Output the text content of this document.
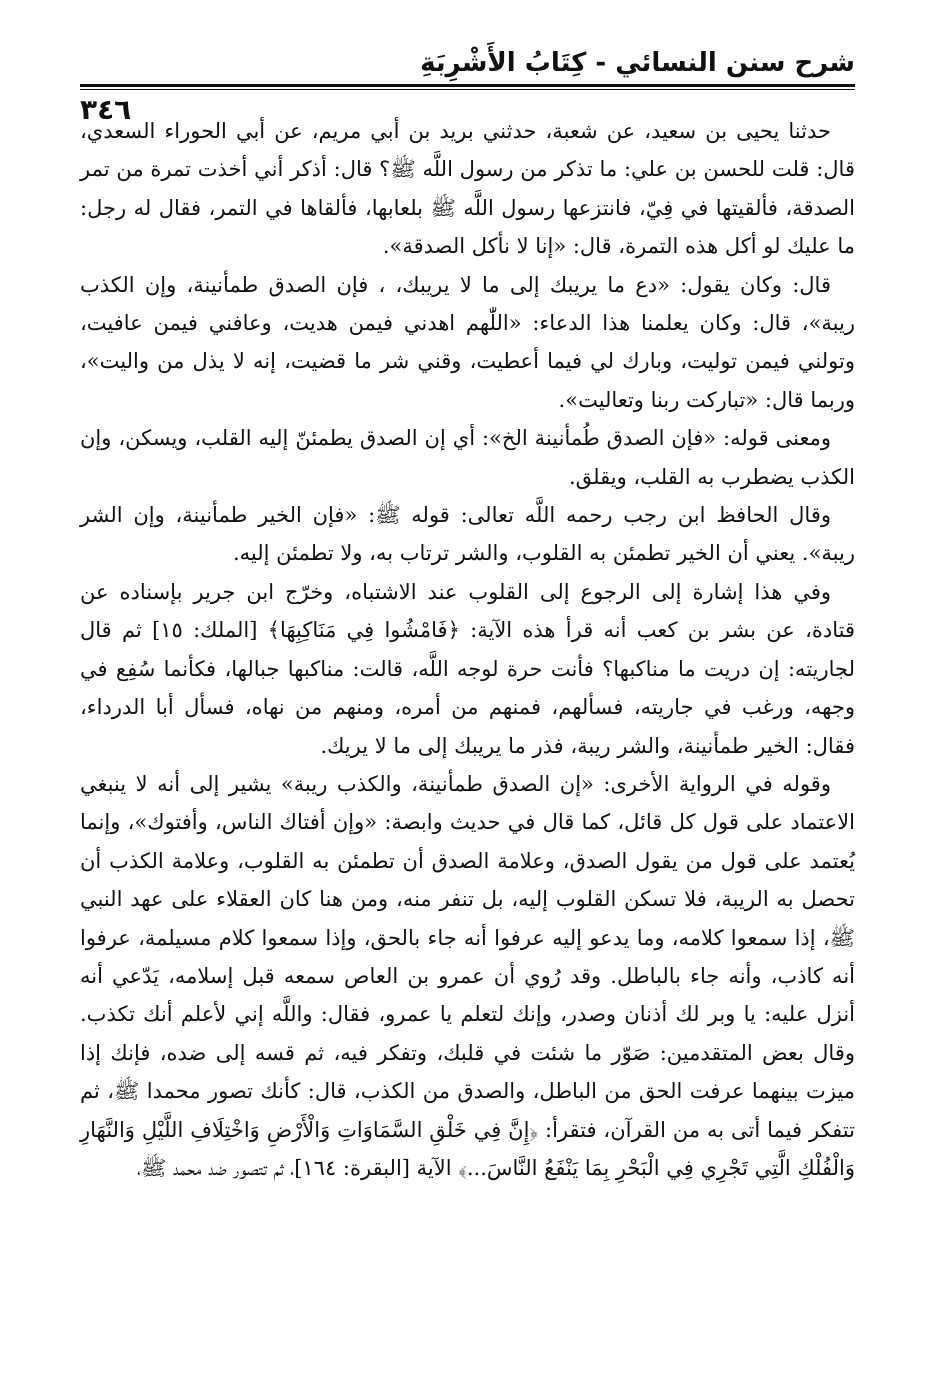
شرح سنن النسائي - كِتَابُ الأَشْرِبَةِ
٣٤٦

حدثنا يحيى بن سعيد، عن شعبة، حدثني بريد بن أبي مريم، عن أبي الحوراء السعدي، قال: قلت للحسن بن علي: ما تذكر من رسول اللَّه ﷺ؟ قال: أذكر أني أخذت تمرة من تمر الصدقة، فألقيتها في فِيّ، فانتزعها رسول اللَّه ﷺ بلعابها، فألقاها في التمر، فقال له رجل: ما عليك لو أكل هذه التمرة، قال: «إنا لا نأكل الصدقة».

قال: وكان يقول: «دع ما يريبك إلى ما لا يريبك، ، فإن الصدق طمأنينة، وإن الكذب ريبة»، قال: وكان يعلمنا هذا الدعاء: «اللّٰهم اهدني فيمن هديت، وعافني فيمن عافيت، وتولني فيمن توليت، وبارك لي فيما أعطيت، وقني شر ما قضيت، إنه لا يذل من واليت»، وربما قال: «تباركت ربنا وتعاليت».

ومعنى قوله: «فإن الصدق طُمأنينة الخ»: أي إن الصدق يطمئنّ إليه القلب، ويسكن، وإن الكذب يضطرب به القلب، ويقلق.

وقال الحافظ ابن رجب رحمه اللَّه تعالى: قوله ﷺ: «فإن الخير طمأنينة، وإن الشر ريبة». يعني أن الخير تطمئن به القلوب، والشر ترتاب به، ولا تطمئن إليه.

وفي هذا إشارة إلى الرجوع إلى القلوب عند الاشتباه، وخرّج ابن جرير بإسناده عن قتادة، عن بشر بن كعب أنه قرأ هذه الآية: ﴿فَامْشُوا فِي مَنَاكِبِهَا﴾ [الملك: ١٥] ثم قال لجاريته: إن دريت ما مناكبها؟ فأنت حرة لوجه اللَّه، قالت: مناكبها جبالها، فكأنما سُفِع في وجهه، ورغب في جاريته، فسألهم، فمنهم من أمره، ومنهم من نهاه، فسأل أبا الدرداء، فقال: الخير طمأنينة، والشر ريبة، فذر ما يريبك إلى ما لا يريك.

وقوله في الرواية الأخرى: «إن الصدق طمأنينة، والكذب ريبة» يشير إلى أنه لا ينبغي الاعتماد على قول كل قائل، كما قال في حديث وابصة: «وإن أفتاك الناس، وأفتوك»، وإنما يُعتمد على قول من يقول الصدق، وعلامة الصدق أن تطمئن به القلوب، وعلامة الكذب أن تحصل به الريبة، فلا تسكن القلوب إليه، بل تنفر منه، ومن هنا كان العقلاء على عهد النبي ﷺ، إذا سمعوا كلامه، وما يدعو إليه عرفوا أنه جاء بالحق، وإذا سمعوا كلام مسيلمة، عرفوا أنه كاذب، وأنه جاء بالباطل. وقد رُوي أن عمرو بن العاص سمعه قبل إسلامه، يَدّعي أنه أنزل عليه: يا وبر لك أذنان وصدر، وإنك لتعلم يا عمرو، فقال: واللَّه إني لأعلم أنك تكذب. وقال بعض المتقدمين: صَوّر ما شئت في قلبك، وتفكر فيه، ثم قسه إلى ضده، فإنك إذا ميزت بينهما عرفت الحق من الباطل، والصدق من الكذب، قال: كأنك تصور محمدا ﷺ، ثم تتفكر فيما أتى به من القرآن، فتقرأ: ﴿إِنَّ فِي خَلْقِ السَّمَاوَاتِ وَالْأَرْضِ وَاخْتِلَافِ اللَّيْلِ وَالنَّهَارِ وَالْفُلْكِ الَّتِي تَجْرِي فِي الْبَحْرِ بِمَا يَنْفَعُ النَّاسَ...﴾ الآية [البقرة: ١٦٤]، ثم تتصور ضد محمد ﷺ،
